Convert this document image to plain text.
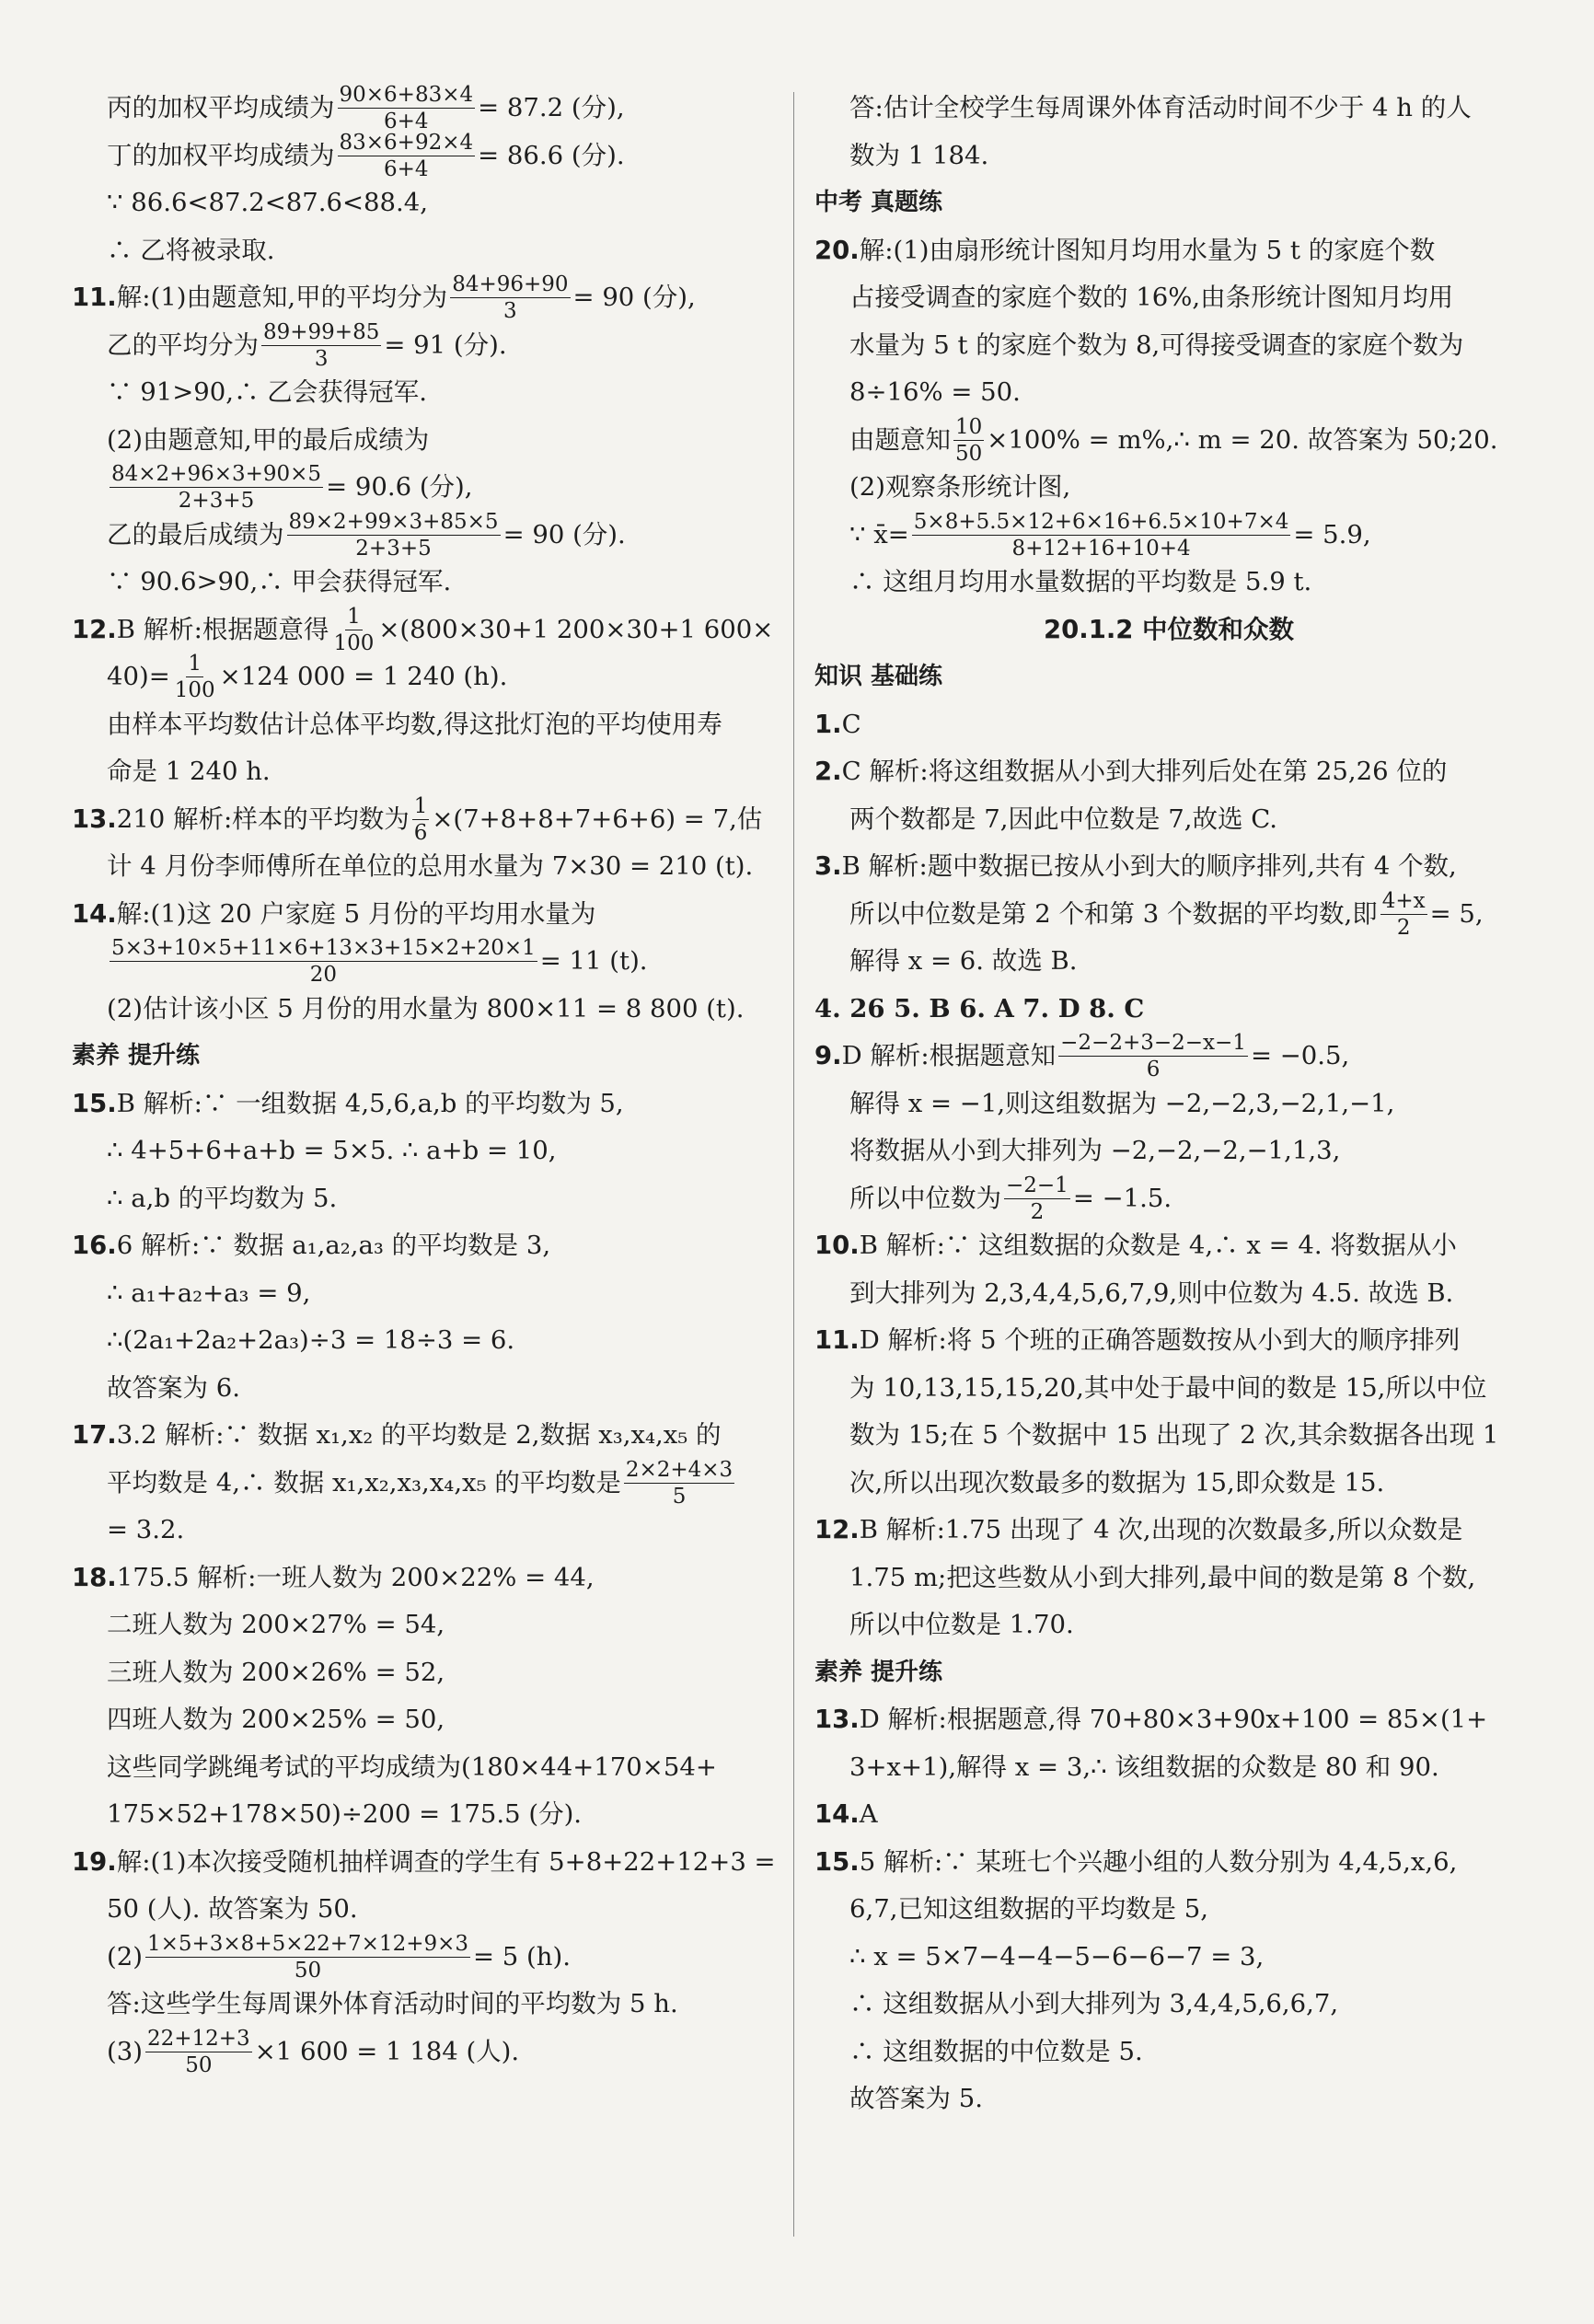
丙的加权平均成绩为 $\frac{90\times 6+83\times 4}{6+4} = 87.2$ (分),
丁的加权平均成绩为 $\frac{83\times 6+92\times 4}{6+4} = 86.6$ (分).
∵ 86.6<87.2<87.6<88.4,
∴ 乙将被录取.
11. 解:(1)由题意知,甲的平均分为 $\frac{84+96+90}{3} = 90$ (分),
乙的平均分为 $\frac{89+99+85}{3} = 91$ (分).
∵ 91>90,∴ 乙会获得冠军.
(2)由题意知,甲的最后成绩为
$\frac{84\times 2+96\times 3+90\times 5}{2+3+5} = 90.6$ (分),
乙的最后成绩为 $\frac{89\times 2+99\times 3+85\times 5}{2+3+5} = 90$ (分).
∵ 90.6>90,∴ 甲会获得冠军.
12. B 解析:根据题意得 $\frac{1}{100} \times(800\times 30+1$ 200×30+1 600×
$40)= \frac{1}{100} \times 124$ 000 = 1 240 (h).
由样本平均数估计总体平均数,得这批灯泡的平均使用寿
命是 1 240 h.
13. 210 解析:样本的平均数为 $\frac{1}{6} \times(7+8+8+7+6+6) = 7$,估
计 4 月份李师傅所在单位的总用水量为 7×30 = 210 (t).
14.解:(1)这 20 户家庭 5 月份的平均用水量为
$\frac{5\times 3+10\times 5+11\times 6+13\times 3+15\times 2+20\times 1}{20} = 11$ (t).
(2)估计该小区 5 月份的用水量为 800×11 = 8 800 (t).
素养 提升练
15.B 解析:∵ 一组数据 4,5,6,a,b 的平均数为 5,
∴ 4+5+6+a+b = 5×5. ∴ a+b = 10,
∴ a,b 的平均数为 5.
16.6 解析:∵ 数据 a₁,a₂,a₃ 的平均数是 3,
∴ a₁+a₂+a₃ = 9,
∴(2a₁+2a₂+2a₃)÷3 = 18÷3 = 6.
故答案为 6.
17.3.2 解析:∵ 数据 x₁,x₂ 的平均数是 2,数据 x₃,x₄,x₅ 的
平均数是 4,∴ 数据 x₁,x₂,x₃,x₄,x₅ 的平均数是 $\frac{2\times 2+4\times 3}{5}$
= 3.2.
18.175.5 解析:一班人数为 200×22% = 44,
二班人数为 200×27% = 54,
三班人数为 200×26% = 52,
四班人数为 200×25% = 50,
这些同学跳绳考试的平均成绩为(180×44+170×54+
175×52+178×50)÷200 = 175.5 (分).
19.解:(1)本次接受随机抽样调查的学生有 5+8+22+12+3 =
50 (人). 故答案为 50.
$(2) \frac{1\times 5+3\times 8+5\times 22+7\times 12+9\times 3}{50} = 5$ (h).
答:这些学生每周课外体育活动时间的平均数为 5 h.
$(3) \frac{22+12+3}{50} \times 1$ 600 = 1 184 (人).
答:估计全校学生每周课外体育活动时间不少于 4 h 的人
数为 1 184.
中考 真题练
20.解:(1)由扇形统计图知月均用水量为 5 t 的家庭个数
占接受调查的家庭个数的 16%,由条形统计图知月均用
水量为 5 t 的家庭个数为 8,可得接受调查的家庭个数为
8÷16% = 50.
由题意知 $\frac{10}{50} \times 100\%$ = m%,∴ m = 20. 故答案为 50;20.
(2)观察条形统计图,
∵ x̄= $\frac{5\times 8+5.5\times 12+6\times 16+6.5\times 10+7\times 4}{8+12+16+10+4} = 5.9$,
∴ 这组月均用水量数据的平均数是 5.9 t.
20.1.2 中位数和众数
知识 基础练
1.C
2.C 解析:将这组数据从小到大排列后处在第 25,26 位的
两个数都是 7,因此中位数是 7,故选 C.
3.B 解析:题中数据已按从小到大的顺序排列,共有 4 个数,
所以中位数是第 2 个和第 3 个数据的平均数,即 $\frac{4+x}{2} = 5$,
解得 x = 6. 故选 B.
4. 26 5. B 6. A 7. D 8. C
9. D 解析:根据题意知 $\frac{-2-2+3-2-x-1}{6} = -0.5$,
解得 x = −1,则这组数据为 −2,−2,3,−2,1,−1,
将数据从小到大排列为 −2,−2,−2,−1,1,3,
所以中位数为 $\frac{-2-1}{2} = -1.5$.
10.B 解析:∵ 这组数据的众数是 4,∴ x = 4. 将数据从小
到大排列为 2,3,4,4,5,6,7,9,则中位数为 4.5. 故选 B.
11.D 解析:将 5 个班的正确答题数按从小到大的顺序排列
为 10,13,15,15,20,其中处于最中间的数是 15,所以中位
数为 15;在 5 个数据中 15 出现了 2 次,其余数据各出现 1
次,所以出现次数最多的数据为 15,即众数是 15.
12.B 解析:1.75 出现了 4 次,出现的次数最多,所以众数是
1.75 m;把这些数从小到大排列,最中间的数是第 8 个数,
所以中位数是 1.70.
素养 提升练
13.D 解析:根据题意,得 70+80×3+90x+100 = 85×(1+
3+x+1),解得 x = 3,∴ 该组数据的众数是 80 和 90.
14.A
15.5 解析:∵ 某班七个兴趣小组的人数分别为 4,4,5,x,6,
6,7,已知这组数据的平均数是 5,
∴ x = 5×7−4−4−5−6−6−7 = 3,
∴ 这组数据从小到大排列为 3,4,4,5,6,6,7,
∴ 这组数据的中位数是 5.
故答案为 5.
